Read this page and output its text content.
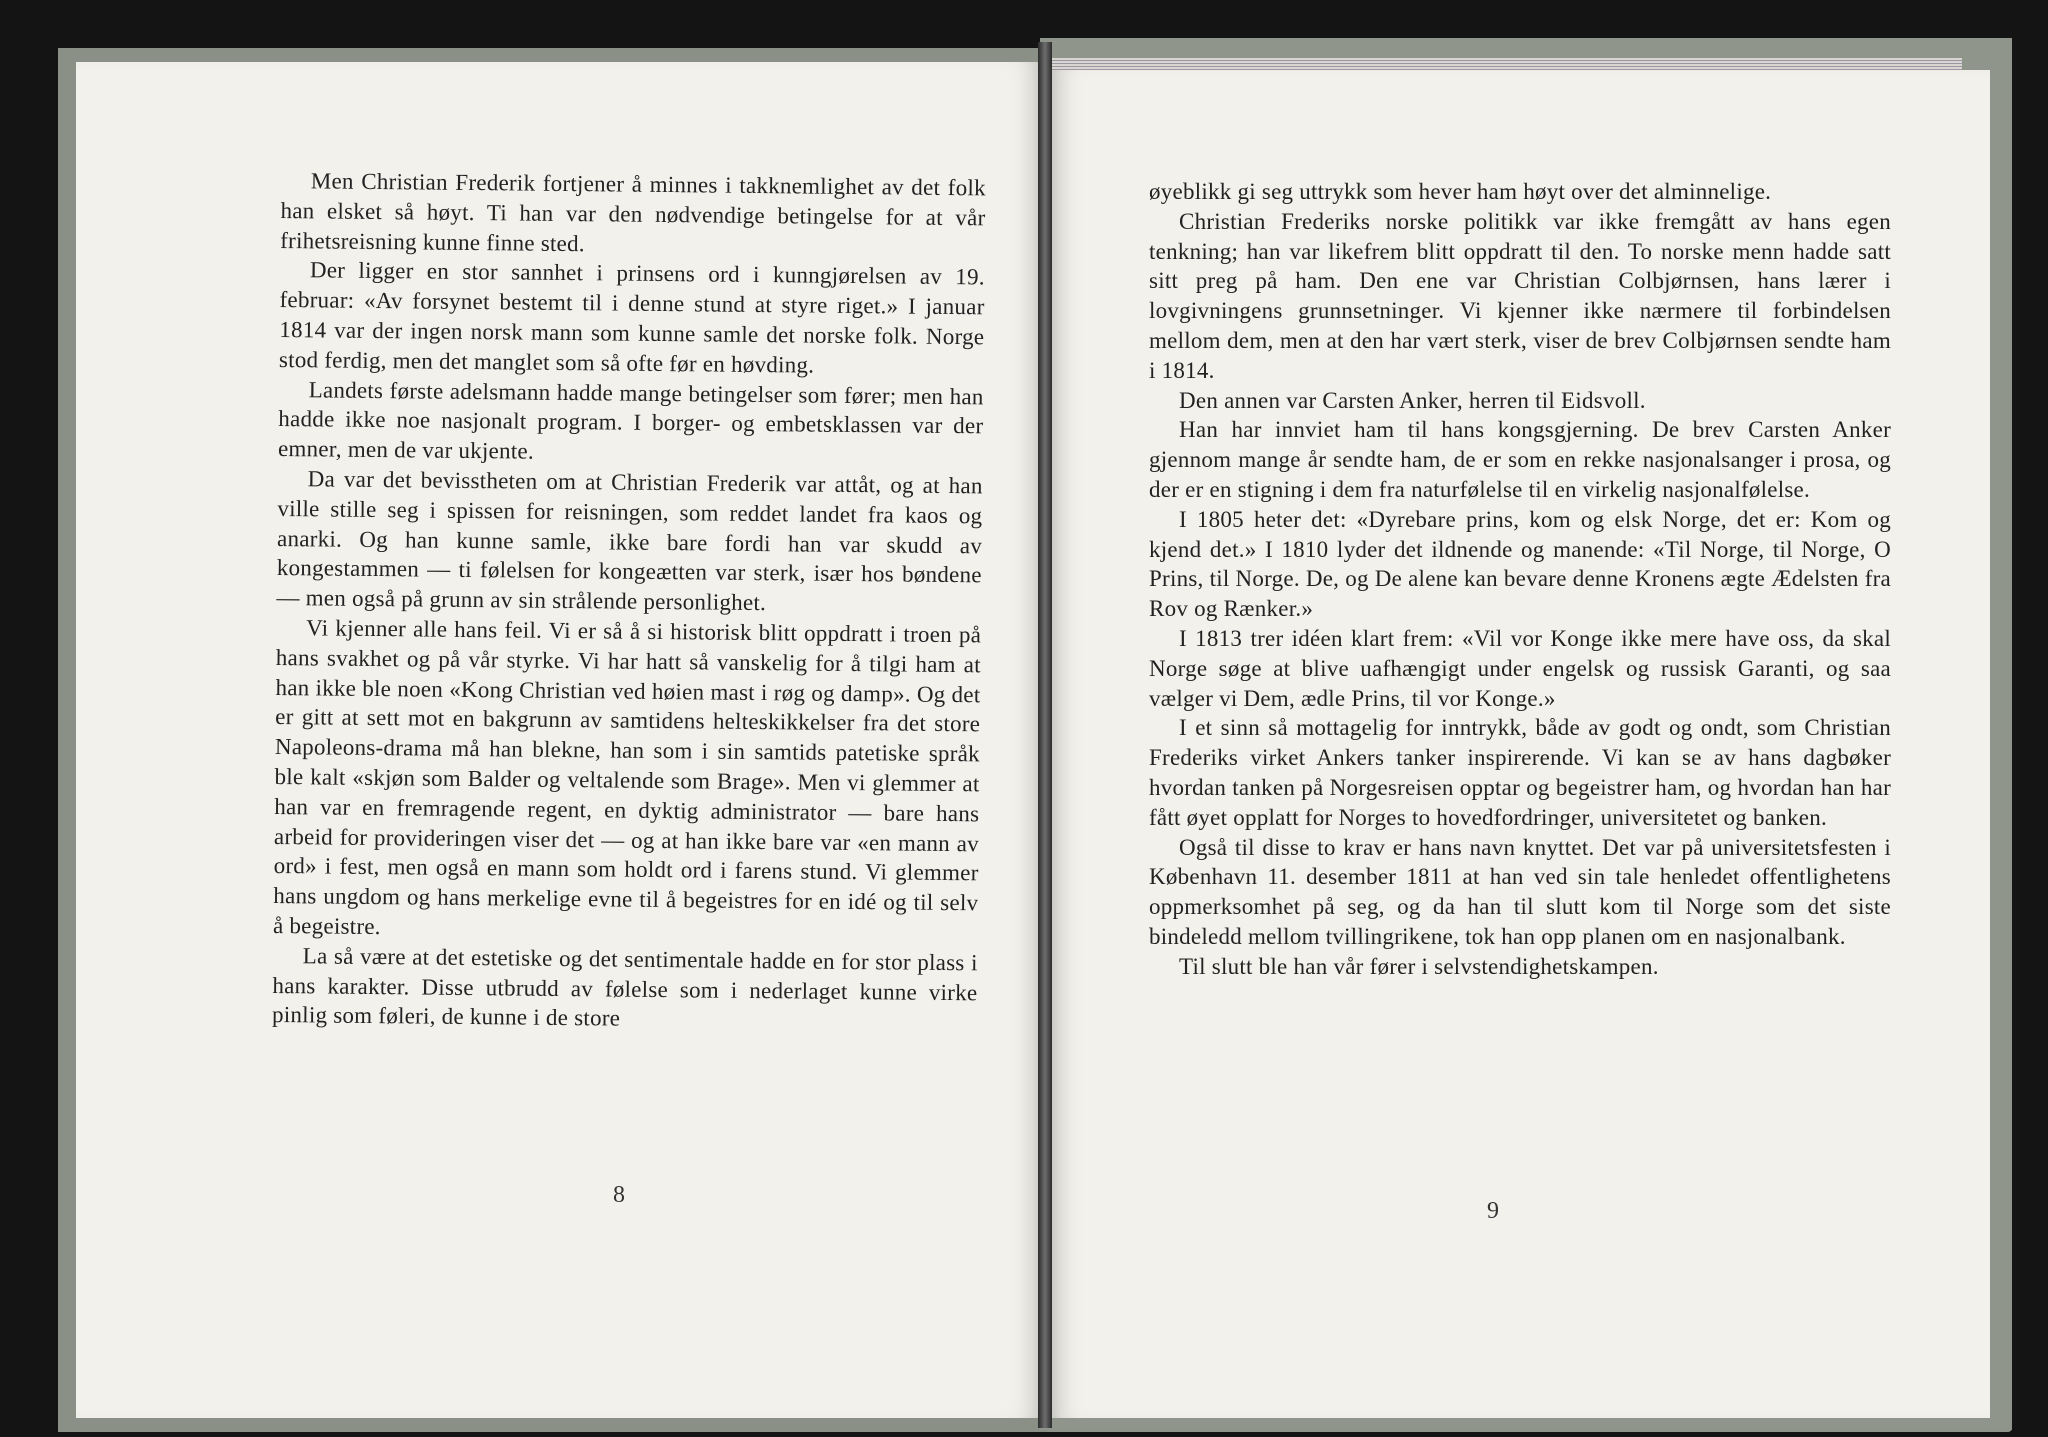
Men Christian Frederik fortjener å minnes i takknemlighet av det folk han elsket så høyt. Ti han var den nødvendige betingelse for at vår frihetsreisning kunne finne sted.

Der ligger en stor sannhet i prinsens ord i kunngjørelsen av 19. februar: «Av forsynet bestemt til i denne stund at styre riget.» I januar 1814 var der ingen norsk mann som kunne samle det norske folk. Norge stod ferdig, men det manglet som så ofte før en høvding.

Landets første adelsmann hadde mange betingelser som fører; men han hadde ikke noe nasjonalt program. I borger- og embetsklassen var der emner, men de var ukjente.

Da var det bevisstheten om at Christian Frederik var attåt, og at han ville stille seg i spissen for reisningen, som reddet landet fra kaos og anarki. Og han kunne samle, ikke bare fordi han var skudd av kongestammen — ti følelsen for kongeætten var sterk, især hos bøndene — men også på grunn av sin strålende personlighet.

Vi kjenner alle hans feil. Vi er så å si historisk blitt oppdratt i troen på hans svakhet og på vår styrke. Vi har hatt så vanskelig for å tilgi ham at han ikke ble noen «Kong Christian ved høien mast i røg og damp». Og det er gitt at sett mot en bakgrunn av samtidens helteskikkelser fra det store Napoleons-drama må han blekne, han som i sin samtids patetiske språk ble kalt «skjøn som Balder og veltalende som Brage». Men vi glemmer at han var en fremragende regent, en dyktig administrator — bare hans arbeid for provideringen viser det — og at han ikke bare var «en mann av ord» i fest, men også en mann som holdt ord i farens stund. Vi glemmer hans ungdom og hans merkelige evne til å begeistres for en idé og til selv å begeistre.

La så være at det estetiske og det sentimentale hadde en for stor plass i hans karakter. Disse utbrudd av følelse som i nederlaget kunne virke pinlig som føleri, de kunne i de store

8

øyeblikk gi seg uttrykk som hever ham høyt over det alminnelige.

Christian Frederiks norske politikk var ikke fremgått av hans egen tenkning; han var likefrem blitt oppdratt til den. To norske menn hadde satt sitt preg på ham. Den ene var Christian Colbjørnsen, hans lærer i lovgivningens grunnsetninger. Vi kjenner ikke nærmere til forbindelsen mellom dem, men at den har vært sterk, viser de brev Colbjørnsen sendte ham i 1814.

Den annen var Carsten Anker, herren til Eidsvoll.

Han har innviet ham til hans kongsgjerning. De brev Carsten Anker gjennom mange år sendte ham, de er som en rekke nasjonalsanger i prosa, og der er en stigning i dem fra naturfølelse til en virkelig nasjonalfølelse.

I 1805 heter det: «Dyrebare prins, kom og elsk Norge, det er: Kom og kjend det.» I 1810 lyder det ildnende og manende: «Til Norge, til Norge, O Prins, til Norge. De, og De alene kan bevare denne Kronens ægte Ædelsten fra Rov og Rænker.»

I 1813 trer idéen klart frem: «Vil vor Konge ikke mere have oss, da skal Norge søge at blive uafhængigt under engelsk og russisk Garanti, og saa vælger vi Dem, ædle Prins, til vor Konge.»

I et sinn så mottagelig for inntrykk, både av godt og ondt, som Christian Frederiks virket Ankers tanker inspirerende. Vi kan se av hans dagbøker hvordan tanken på Norgesreisen opptar og begeistrer ham, og hvordan han har fått øyet opplatt for Norges to hovedfordringer, universitetet og banken.

Også til disse to krav er hans navn knyttet. Det var på universitetsfesten i København 11. desember 1811 at han ved sin tale henledet offentlighetens oppmerksomhet på seg, og da han til slutt kom til Norge som det siste bindeledd mellom tvillingrikene, tok han opp planen om en nasjonalbank.

Til slutt ble han vår fører i selvstendighetskampen.

9
